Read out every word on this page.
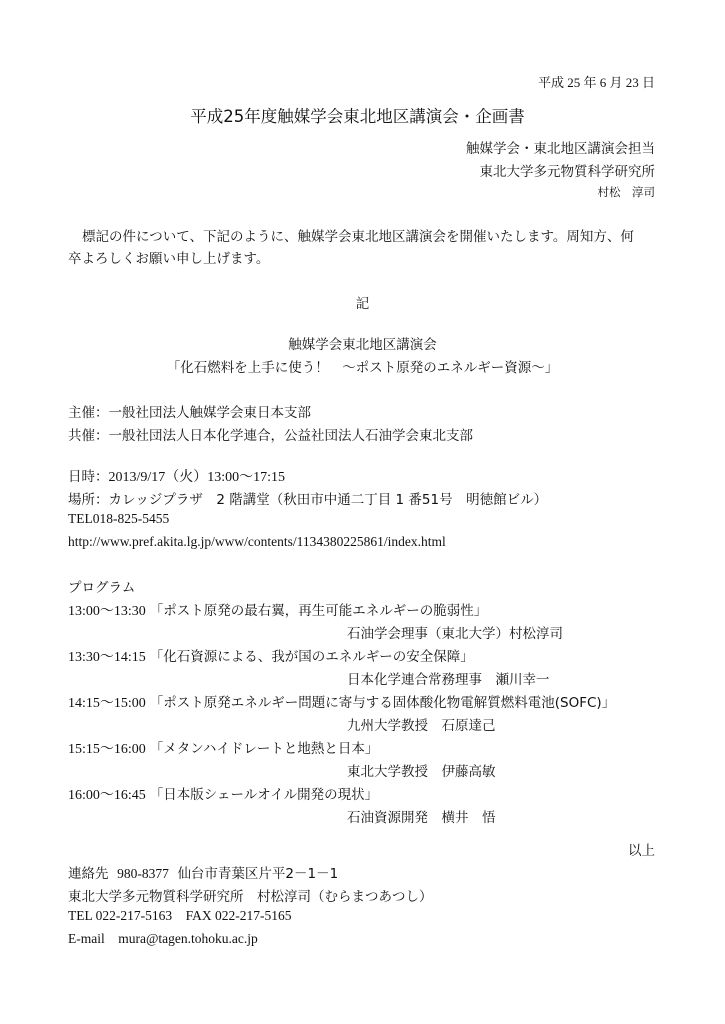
平成 25 年 6 月 23 日
平成25年度触媒学会東北地区講演会・企画書
触媒学会・東北地区講演会担当
東北大学多元物質科学研究所
村松　淳司
標記の件について、下記のように、触媒学会東北地区講演会を開催いたします。周知方、何
卒よろしくお願い申し上げます。
記
触媒学会東北地区講演会
「化石燃料を上手に使う！　～ポスト原発のエネルギー資源～」
主催：一般社団法人触媒学会東日本支部
共催：一般社団法人日本化学連合，公益社団法人石油学会東北支部
日時：2013/9/17（火）13:00～17:15
場所：カレッジプラザ　2 階講堂（秋田市中通二丁目 1 番51号　明徳館ビル）
TEL018-825-5455
http://www.pref.akita.lg.jp/www/contents/1134380225861/index.html
プログラム
13:00～13:30 「ポスト原発の最右翼，再生可能エネルギーの脆弱性」
石油学会理事（東北大学）村松淳司
13:30～14:15 「化石資源による、我が国のエネルギーの安全保障」
日本化学連合常務理事　瀬川幸一
14:15～15:00 「ポスト原発エネルギー問題に寄与する固体酸化物電解質燃料電池(SOFC)」
九州大学教授　石原達己
15:15～16:00 「メタンハイドレートと地熱と日本」
東北大学教授　伊藤高敏
16:00～16:45 「日本版シェールオイル開発の現状」
石油資源開発　横井　悟
以上
連絡先 980-8377 仙台市青葉区片平2－1－1
東北大学多元物質科学研究所　村松淳司（むらまつあつし）
TEL 022-217-5163 FAX 022-217-5165
E-mail mura@tagen.tohoku.ac.jp
